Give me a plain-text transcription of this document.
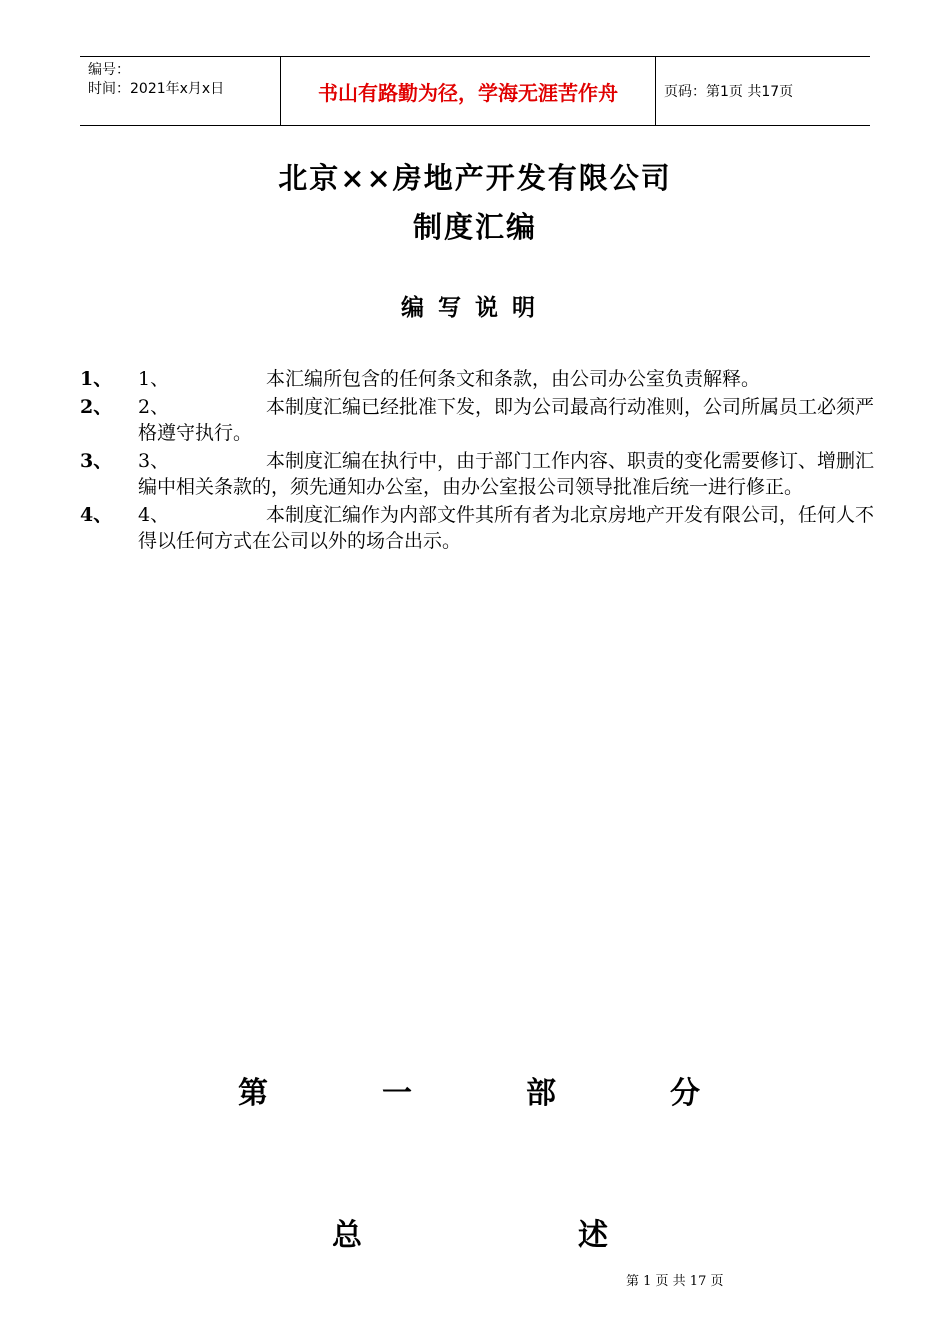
编号：
时间：2021年x月x日	书山有路勤为径，学海无涯苦作舟	页码：第1页 共17页
北京××房地产开发有限公司
制度汇编
编写说明
1、 1、	本汇编所包含的任何条文和条款，由公司办公室负责解释。
2、 2、	本制度汇编已经批准下发，即为公司最高行动准则，公司所属员工必须严格遵守执行。
3、 3、	本制度汇编在执行中，由于部门工作内容、职责的变化需要修订、增删汇编中相关条款的，须先通知办公室，由办公室报公司领导批准后统一进行修正。
4、 4、	本制度汇编作为内部文件其所有者为北京房地产开发有限公司，任何人不得以任何方式在公司以外的场合出示。
第	一	部	分
总	述
第 1 页 共 17 页
